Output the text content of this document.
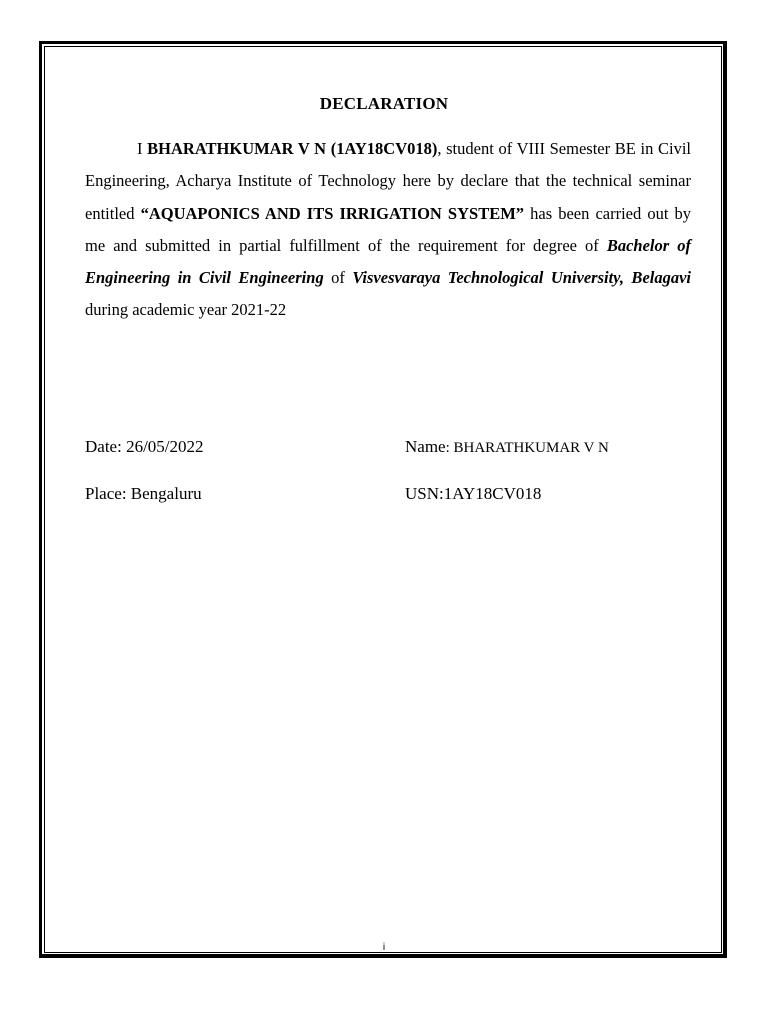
DECLARATION

I BHARATHKUMAR V N (1AY18CV018), student of VIII Semester BE in Civil Engineering, Acharya Institute of Technology here by declare that the technical seminar entitled “AQUAPONICS AND ITS IRRIGATION SYSTEM” has been carried out by me and submitted in partial fulfillment of the requirement for degree of Bachelor of Engineering in Civil Engineering of Visvesvaraya Technological University, Belagavi during academic year 2021-22

Date: 26/05/2022	Name: BHARATHKUMAR V N
Place: Bengaluru	USN:1AY18CV018
i
